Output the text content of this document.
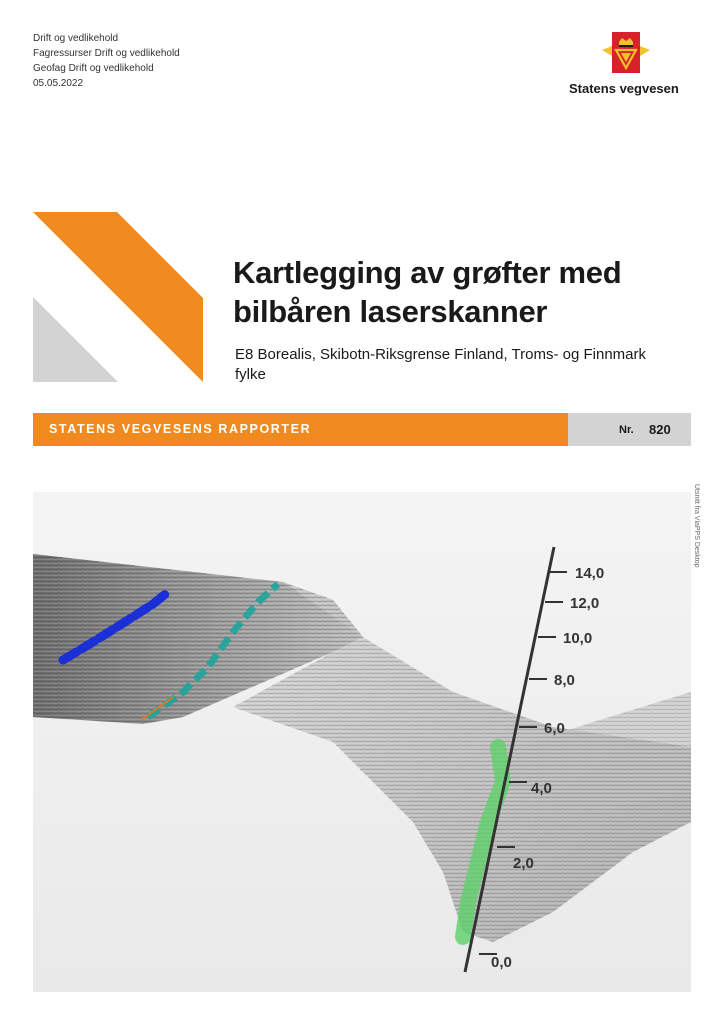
Drift og vedlikehold
Fagressurser Drift og vedlikehold
Geofag Drift og vedlikehold
05.05.2022	Statens vegvesen
Kartlegging av grøfter med
bilbåren laserskanner
E8 Borealis, Skibotn-Riksgrense Finland, Troms- og Finnmark
fylke
STATENS VEGVESENS RAPPORTER	Nr. 820
14,0
12,0
10,0
8,0
6,0
4,0
2,0
0,0
Utsnitt fra ViaPPS Desktop
